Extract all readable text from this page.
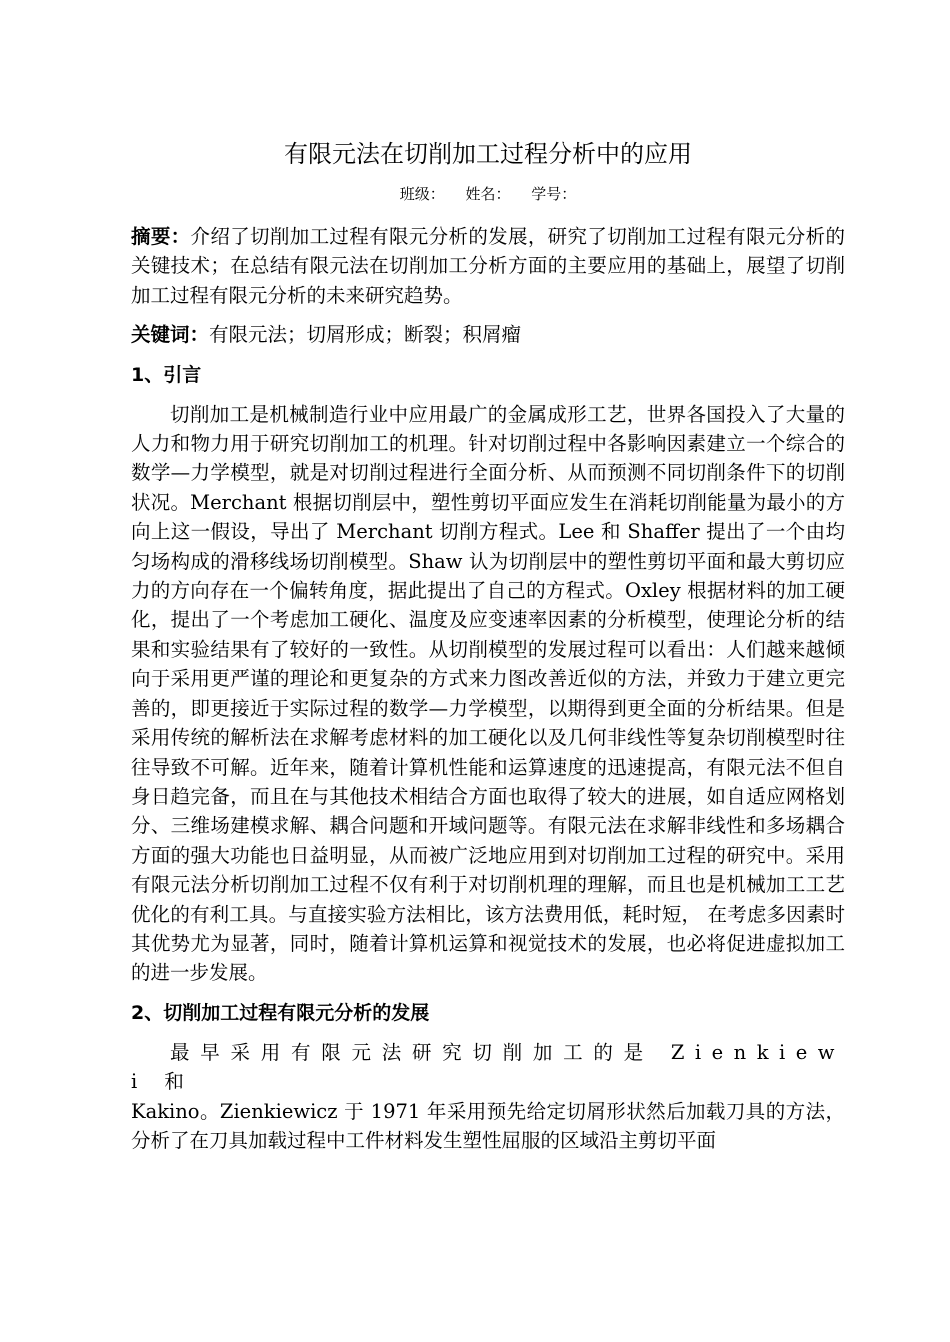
有限元法在切削加工过程分析中的应用
班级： 姓名： 学号：

摘要：介绍了切削加工过程有限元分析的发展，研究了切削加工过程有限元分析的关键技术；在总结有限元法在切削加工分析方面的主要应用的基础上，展望了切削加工过程有限元分析的未来研究趋势。

关键词：有限元法；切屑形成；断裂；积屑瘤

1、引言

切削加工是机械制造行业中应用最广的金属成形工艺，世界各国投入了大量的人力和物力用于研究切削加工的机理。针对切削过程中各影响因素建立一个综合的数学—力学模型，就是对切削过程进行全面分析、从而预测不同切削条件下的切削状况。Merchant 根据切削层中，塑性剪切平面应发生在消耗切削能量为最小的方向上这一假设，导出了 Merchant 切削方程式。Lee 和 Shaffer 提出了一个由均匀场构成的滑移线场切削模型。Shaw 认为切削层中的塑性剪切平面和最大剪切应力的方向存在一个偏转角度，据此提出了自己的方程式。Oxley 根据材料的加工硬化，提出了一个考虑加工硬化、温度及应变速率因素的分析模型，使理论分析的结果和实验结果有了较好的一致性。从切削模型的发展过程可以看出：人们越来越倾向于采用更严谨的理论和更复杂的方式来力图改善近似的方法，并致力于建立更完善的，即更接近于实际过程的数学—力学模型，以期得到更全面的分析结果。但是采用传统的解析法在求解考虑材料的加工硬化以及几何非线性等复杂切削模型时往往导致不可解。近年来，随着计算机性能和运算速度的迅速提高，有限元法不但自身日趋完备，而且在与其他技术相结合方面也取得了较大的进展，如自适应网格划分、三维场建模求解、耦合问题和开域问题等。有限元法在求解非线性和多场耦合方面的强大功能也日益明显，从而被广泛地应用到对切削加工过程的研究中。采用有限元法分析切削加工过程不仅有利于对切削机理的理解，而且也是机械加工工艺优化的有利工具。与直接实验方法相比，该方法费用低，耗时短， 在考虑多因素时其优势尤为显著，同时，随着计算机运算和视觉技术的发展，也必将促进虚拟加工的进一步发展。

2、切削加工过程有限元分析的发展

最早采用有限元法研究切削加工的是 Zienkiewi 和
Kakino。Zienkiewicz 于 1971 年采用预先给定切屑形状然后加载刀具的方法，分析了在刀具加载过程中工件材料发生塑性屈服的区域沿主剪切平面
